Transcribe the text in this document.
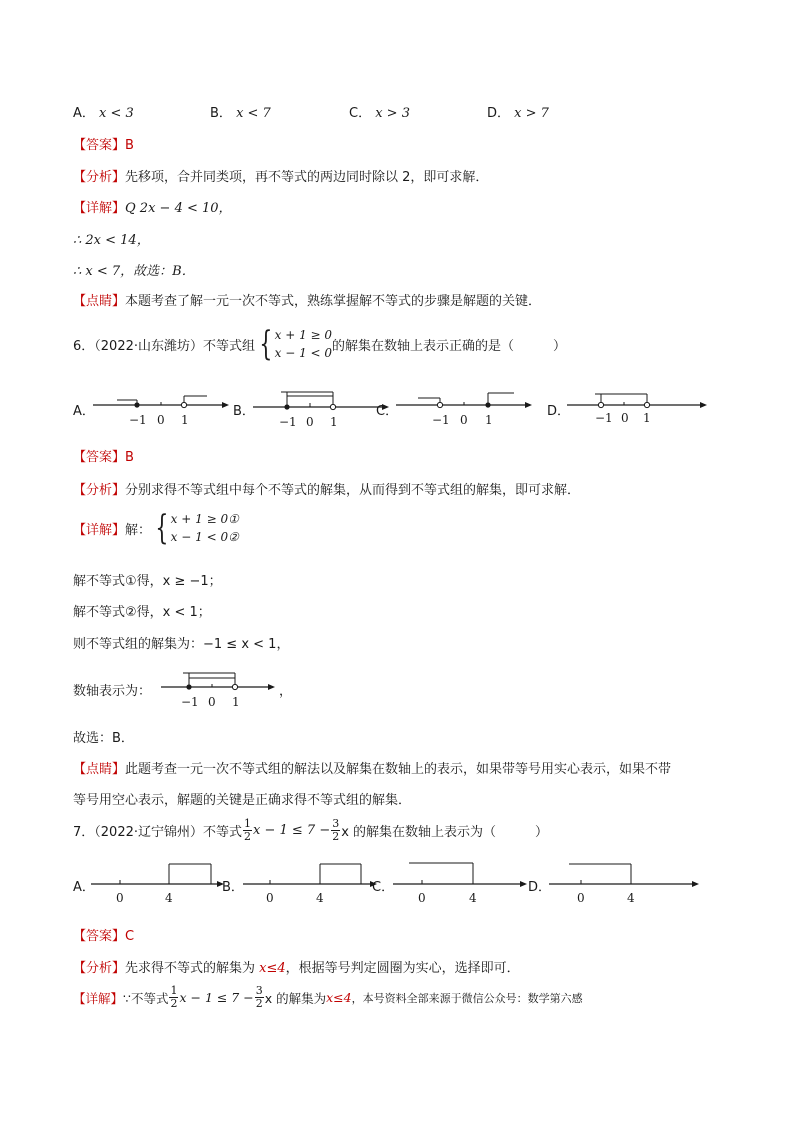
A． x < 3	B． x < 7	C． x > 3	D． x > 7
【答案】B
【分析】先移项，合并同类项，再不等式的两边同时除以 2，即可求解．
【详解】Q 2x − 4 < 10，
∴ 2x < 14，
∴ x < 7，故选：B．
【点睛】本题考查了解一元一次不等式，熟练掌握解不等式的步骤是解题的关键．
6．（2022·山东潍坊）不等式组 { x + 1 ≥ 0
x − 1 < 0 的解集在数轴上表示正确的是（　　　）
A．
−1 0 1
B．
−1 0 1
C．
−1 0 1
D． −1 0 1
【答案】B
【分析】分别求得不等式组中每个不等式的解集，从而得到不等式组的解集，即可求解．
【详解】 解： { x + 1 ≥ 0①
x − 1 < 0②
解不等式①得，x ≥ −1；
解不等式②得，x < 1；
则不等式组的解集为：−1 ≤ x < 1，
数轴表示为：
−1 0 1
，
故选：B．
【点睛】此题考查一元一次不等式组的解法以及解集在数轴上的表示，如果带等号用实心表示，如果不带
等号用空心表示，解题的关键是正确求得不等式组的解集．
7．（2022·辽宁锦州）不等式 $\frac{1}{2}$ $x - 1 \le 7 - \frac{3}{2}$ x 的解集在数轴上表示为（　　　）
A．
0	4
B．
0	4
C．
0	4
D．
0	4
【答案】C
【分析】先求得不等式的解集为 x≤4，根据等号判定圆圈为实心，选择即可．
【详解】 ∵不等式 $\frac{1}{2}$ $x - 1 \le 7 - \frac{3}{2}$ x 的解集为 x≤4 ，本号资料全部来源于微信公众号：数学第六感
